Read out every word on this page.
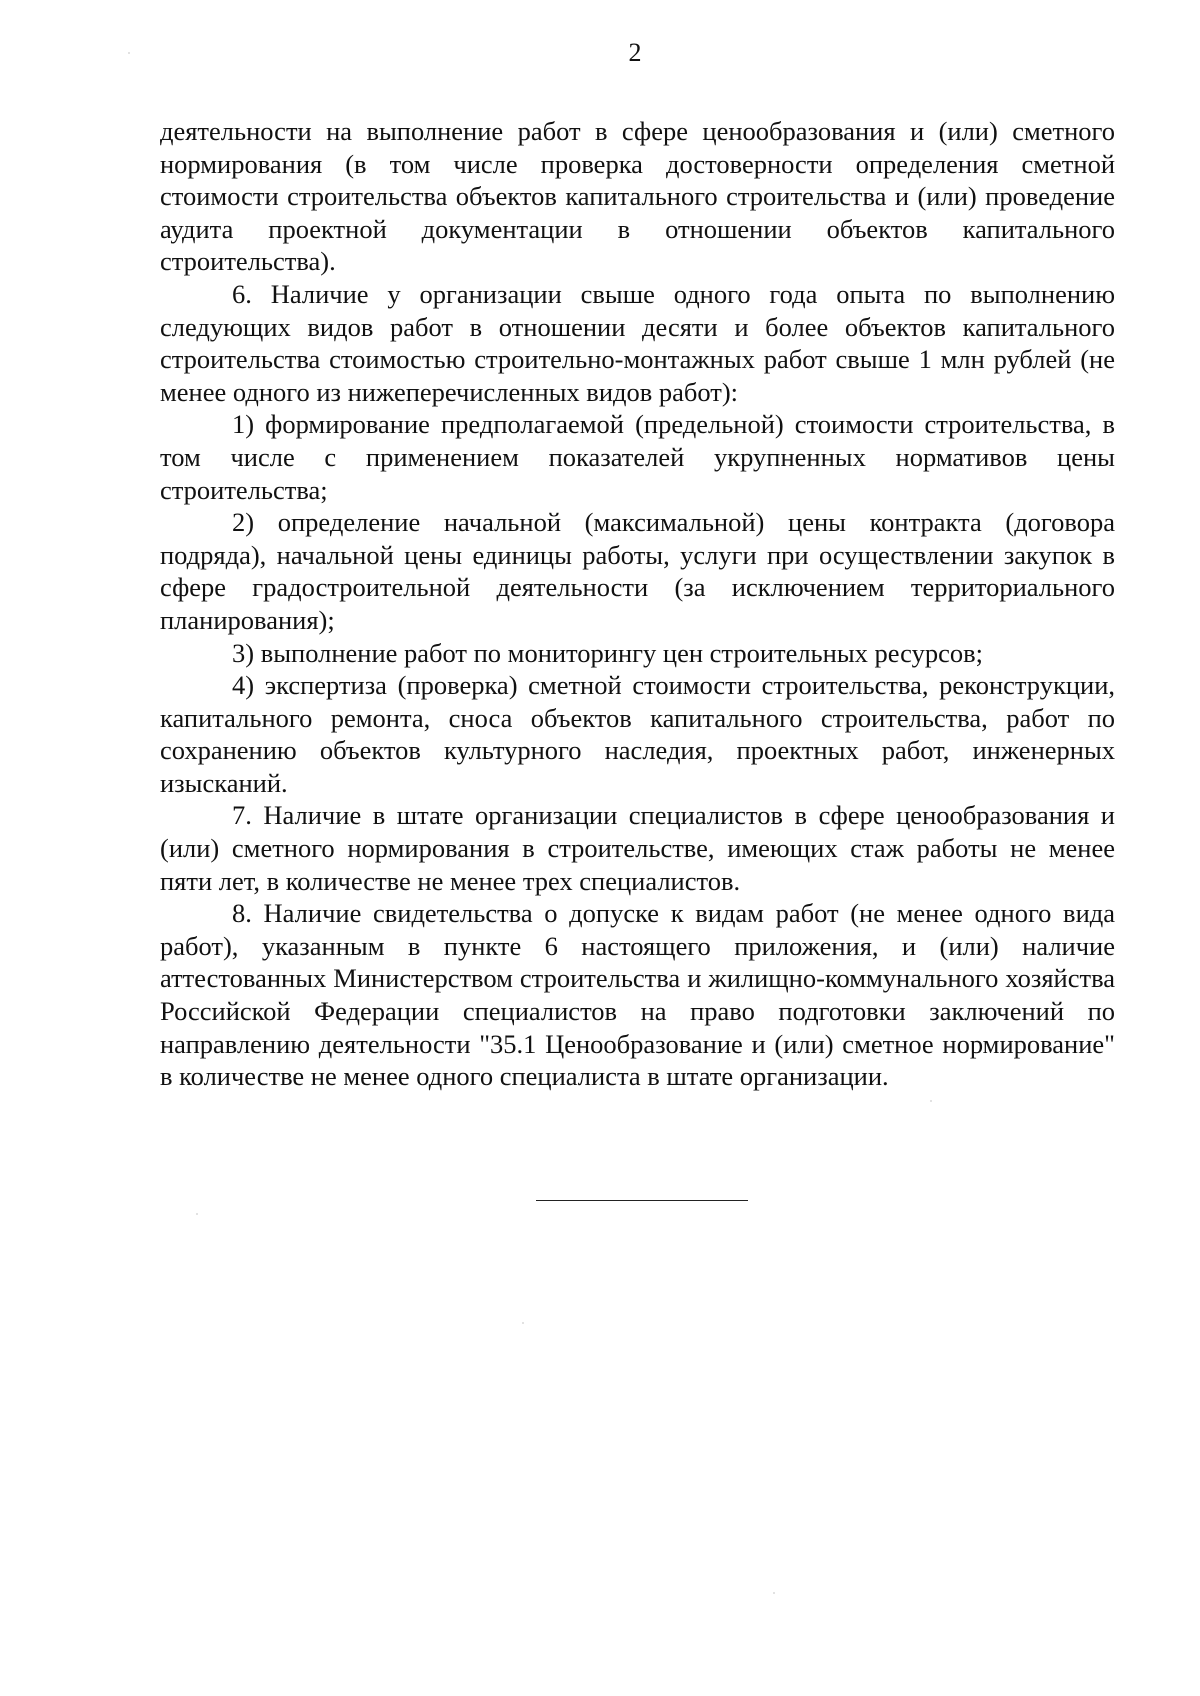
2

деятельности на выполнение работ в сфере ценообразования и (или) сметного нормирования (в том числе проверка достоверности определения сметной стоимости строительства объектов капитального строительства и (или) проведение аудита проектной документации в отношении объектов капитального строительства).

6. Наличие у организации свыше одного года опыта по выполнению следующих видов работ в отношении десяти и более объектов капитального строительства стоимостью строительно-монтажных работ свыше 1 млн рублей (не менее одного из нижеперечисленных видов работ):

1) формирование предполагаемой (предельной) стоимости строительства, в том числе с применением показателей укрупненных нормативов цены строительства;

2) определение начальной (максимальной) цены контракта (договора подряда), начальной цены единицы работы, услуги при осуществлении закупок в сфере градостроительной деятельности (за исключением территориального планирования);

3) выполнение работ по мониторингу цен строительных ресурсов;

4) экспертиза (проверка) сметной стоимости строительства, реконструкции, капитального ремонта, сноса объектов капитального строительства, работ по сохранению объектов культурного наследия, проектных работ, инженерных изысканий.

7. Наличие в штате организации специалистов в сфере ценообразования и (или) сметного нормирования в строительстве, имеющих стаж работы не менее пяти лет, в количестве не менее трех специалистов.

8. Наличие свидетельства о допуске к видам работ (не менее одного вида работ), указанным в пункте 6 настоящего приложения, и (или) наличие аттестованных Министерством строительства и жилищно-коммунального хозяйства Российской Федерации специалистов на право подготовки заключений по направлению деятельности "35.1 Ценообразование и (или) сметное нормирование" в количестве не менее одного специалиста в штате организации.
